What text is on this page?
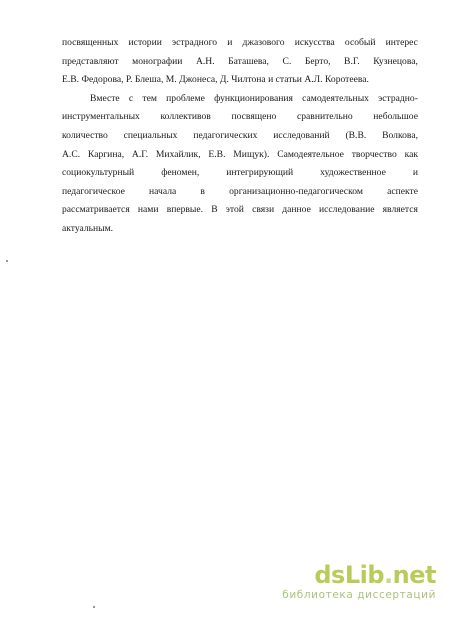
посвященных истории эстрадного и джазового искусства особый интерес
представляют монографии А.Н. Баташева, С. Берто, В.Г. Кузнецова,
Е.В.
Федорова,
Р.
Блеша,
М.
Джонеса,
Д.
Чилтона
и
статьи
А.Л.
Коротеева.
Вместе с тем проблеме функционирования самодеятельных эстрадно-
инструментальных коллективов посвящено сравнительно небольшое
количество специальных педагогических исследований (В.В. Волкова,
А.С. Каргина, А.Г. Михайлик, Е.В. Мищук). Самодеятельное творчество как
социокультурный	феномен,	интегрирующий	художественное	и
педагогическое	начала	в	организационно-педагогическом	аспекте
рассматривается нами впервые. В этой связи данное исследование является
актуальным.
dsLib.net
библиотека диссертаций
